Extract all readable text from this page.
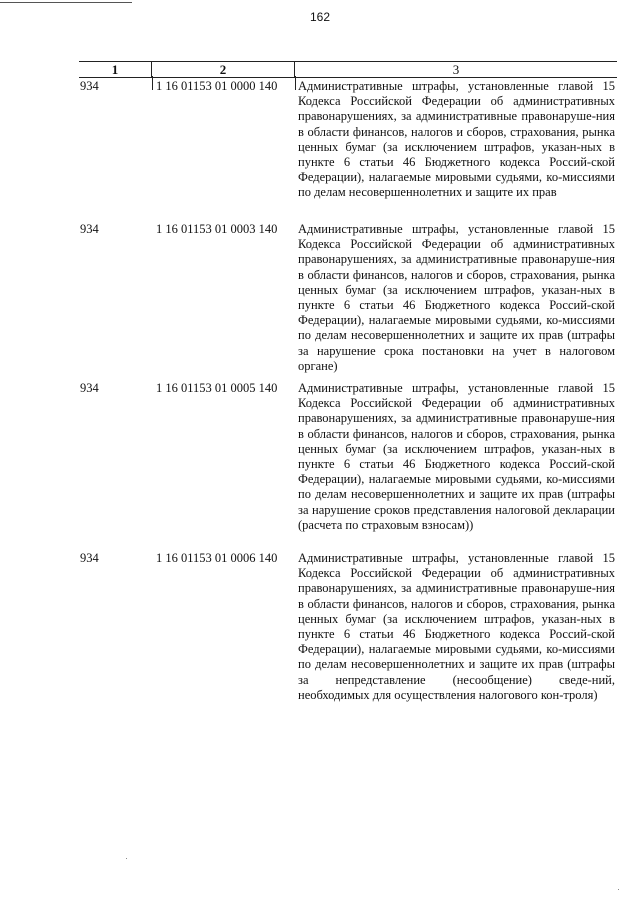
162
1	2	3
934	1 16 01153 01 0000 140	Административные штрафы, установленные главой 15 Кодекса Российской Федерации об административных правонарушениях, за административные правонаруше-ния в области финансов, налогов и сборов, страхования, рынка ценных бумаг (за исключением штрафов, указан-ных в пункте 6 статьи 46 Бюджетного кодекса Россий-ской Федерации), налагаемые мировыми судьями, ко-миссиями по делам несовершеннолетних и защите их прав
934	1 16 01153 01 0003 140	Административные штрафы, установленные главой 15 Кодекса Российской Федерации об административных правонарушениях, за административные правонаруше-ния в области финансов, налогов и сборов, страхования, рынка ценных бумаг (за исключением штрафов, указан-ных в пункте 6 статьи 46 Бюджетного кодекса Россий-ской Федерации), налагаемые мировыми судьями, ко-миссиями по делам несовершеннолетних и защите их прав (штрафы за нарушение срока постановки на учет в налоговом органе)
934	1 16 01153 01 0005 140	Административные штрафы, установленные главой 15 Кодекса Российской Федерации об административных правонарушениях, за административные правонаруше-ния в области финансов, налогов и сборов, страхования, рынка ценных бумаг (за исключением штрафов, указан-ных в пункте 6 статьи 46 Бюджетного кодекса Россий-ской Федерации), налагаемые мировыми судьями, ко-миссиями по делам несовершеннолетних и защите их прав (штрафы за нарушение сроков представления налоговой декларации (расчета по страховым взносам))
934	1 16 01153 01 0006 140	Административные штрафы, установленные главой 15 Кодекса Российской Федерации об административных правонарушениях, за административные правонаруше-ния в области финансов, налогов и сборов, страхования, рынка ценных бумаг (за исключением штрафов, указан-ных в пункте 6 статьи 46 Бюджетного кодекса Россий-ской Федерации), налагаемые мировыми судьями, ко-миссиями по делам несовершеннолетних и защите их прав (штрафы за непредставление (несообщение) сведе-ний, необходимых для осуществления налогового кон-троля)
